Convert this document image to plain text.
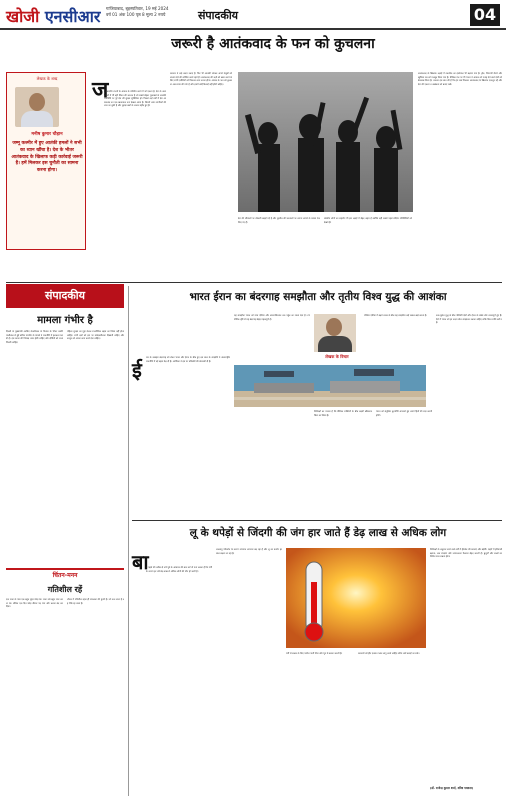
खोजी एनसीआर गाजियाबाद, बृहस्पतिवार, 19 मई 2024
वर्ष 01 अंक 100 पृष्ठ 8 मूल्य 2 रुपये	संपादकीय	04
जरूरी है आतंकवाद के फन को कुचलना
लेखक के शब्द
मनीष कुमार चौहान
जम्मू कश्मीर में हुए आतंकी हमलों ने सभी का ध्यान खींचा है। देश के भीतर आतंकवाद के खिलाफ कड़ी कार्रवाई जरूरी है। हमें मिलकर इस चुनौती का सामना करना होगा।
ज
म्मू कश्मीर राज्यों के आतंक के प्रतिरोध करने में जो एकता है, देश के अन्य हिस्सों में भी वही चिंतन की जरूरत है जो सबसे बेहतर मुकाबले के आतंकी गतिविधि पर पूरे देश की सुरक्षा सुनिश्चित हो। पिछले कई वर्षों में देश आतंकवाद का एक खतरनाक रूप देखता आया है। जिसमें आम नागरिकों की जान जा चुकी है और सुरक्षा बलों के जवान शहीद हुए हैं।
सरकार ने कड़े कदम उठाए हैं, फिर भी आतंकी संगठन अपने मंसूबों को अंजाम देने की कोशिश करते रहते हैं। आतंकवाद की जड़ों को खत्म करने के लिए सभी एजेंसियों को मिलकर काम करना होगा। आतंक के फन को कुचलना अब समय की मांग है और इसमें कोई ढिलाई नहीं होनी चाहिए।
देश की सीमाओं पर चौकसी बढ़ाई गई है और घुसपैठ की घटनाओं पर लगाम लगाने के प्रयास तेज किए गए हैं।
स्थानीय लोगों का सहयोग भी इस लड़ाई में बेहद अहम है क्योंकि वही सबसे पहले संदिग्ध गतिविधियों को देखते हैं।
आतंकवाद के खिलाफ लड़ाई में तकनीक का इस्तेमाल भी बढ़ाया गया है। ड्रोन, निगरानी कैमरे और खुफिया तंत्र को मजबूत किया गया है। वैश्विक मंच पर भी भारत ने आतंक को पनाह देने वाले देशों को बेनकाब किया है। जरूरत इस बात की है कि हम सब मिलकर आतंकवाद के खिलाफ एकजुट रहें और देश की एकता व अखंडता को बनाए रखें।
संपादकीय
मामला गंभीर है
दिल्ली के मुख्यमंत्री अरविंद केजरीवाल के निवास के भीतर स्वाति मालीवाल से हुई कथित मारपीट के मामले ने राजनीति में हलचल मचा दी है। इस घटना की निष्पक्ष जांच होनी चाहिए और दोषियों को सजा मिलनी चाहिए।
महिला सुरक्षा का मुद्दा केवल राजनीतिक बहस का विषय नहीं होना चाहिए। सभी दलों को इस पर संवेदनशीलता दिखानी चाहिए और कानून को अपना काम करने देना चाहिए।
चिंतन-मनन
गतिशील रहें
एक राजा के पास एक बहुत सुंदर घोड़ा था। राजा उसे बहुत प्यार करता था। लेकिन एक दिन घोड़ा बीमार पड़ गया और चलना बंद कर दिया।
जीवन में गतिशील रहना ही सफलता की कुंजी है। जो रुक जाता है वह पीछे रह जाता है।
भारत ईरान का बंदरगाह समझौता और तृतीय विश्व युद्ध की आशंका
लेखक के विचार
ई
रान के चाबहार बंदरगाह को लेकर भारत और ईरान के बीच हुए दस साल के समझौते ने अंतरराष्ट्रीय राजनीति में नई बहस छेड़ दी है। अमेरिका ने इस पर प्रतिबंधों की चेतावनी दी है।
यह समझौता भारत को मध्य एशिया और अफगानिस्तान तक पहुंच का रास्ता देता है। रणनीतिक दृष्टि से यह बंदरगाह बेहद महत्वपूर्ण है।
पश्चिम एशिया में बढ़ते तनाव के बीच यह समझौता कई सवाल खड़े करता है।
विशेषज्ञों का मानना है कि वैश्विक शक्तियों के बीच बढ़ती खींचतान चिंता का विषय है।
भारत को संतुलित कूटनीति अपनाते हुए अपने हितों की रक्षा करनी होगी।
रूस-यूक्रेन युद्ध के बीच पश्चिमी देशों और ईरान के संबंध और तनावपूर्ण हुए हैं। ऐसे में भारत को हर कदम सोच समझकर उठाना चाहिए ताकि विश्व शांति बनी रहे।
लू के थपेड़ों से जिंदगी की जंग हार जाते हैं डेढ़ लाख से अधिक लोग
बा
त पहले की करीब दो वर्ष पूर्व के अध्ययन की बात करें तो पता चलता है कि गर्मी के कारण हर वर्ष डेढ़ लाख से अधिक लोगों की मौत हो जाती है।
जलवायु परिवर्तन के कारण तापमान लगातार बढ़ रहा है और लू का प्रकोप हर साल बढ़ता जा रहा है।
गर्मी से बचाव के लिए पर्याप्त पानी पीना और धूप से बचना जरूरी है।	सरकारों को हीट एक्शन प्लान लागू करने चाहिए ताकि जानें बचाई जा सकें।
विशेषज्ञों के अनुसार आने वाले वर्षों में हीटवेव की घटनाएं और बढ़ेंगी। शहरों में हरियाली बढ़ाना, जल संरक्षण और जागरूकता फैलाना बेहद जरूरी है। बुजुर्गों और बच्चों का विशेष ध्यान रखना होगा।
(डॉ. राजेन्द्र कुमार शर्मा, वरिष्ठ पत्रकार)
